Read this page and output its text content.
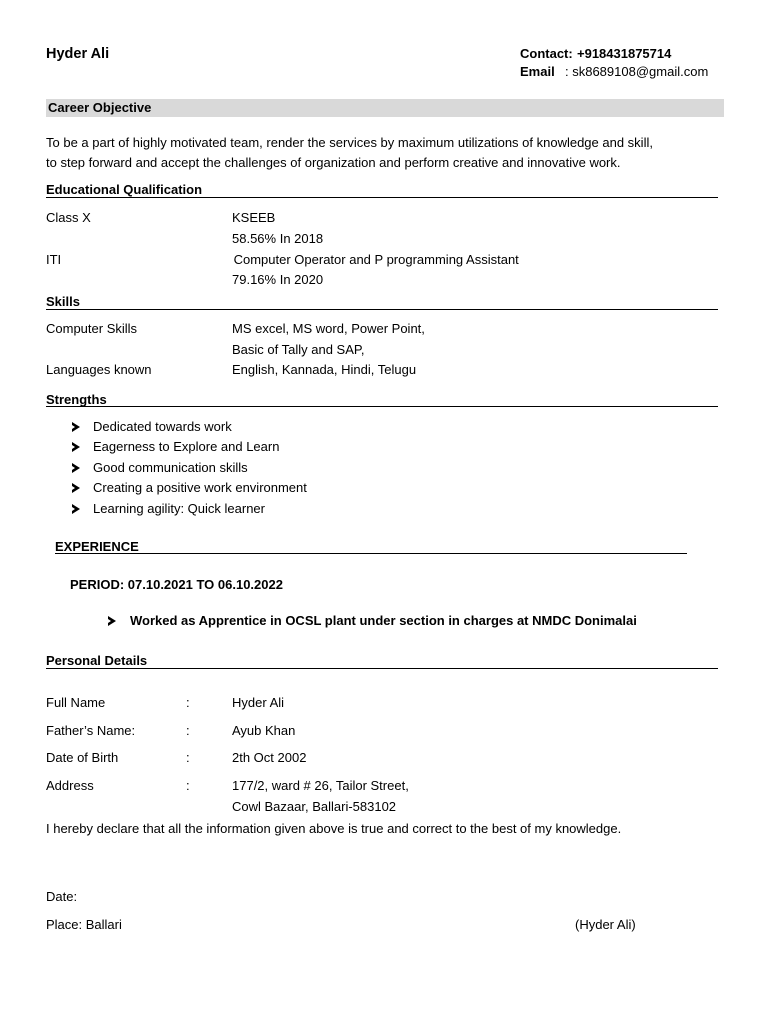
Hyder Ali	Contact: +918431875714
Email : sk8689108@gmail.com
Career Objective
To be a part of highly motivated team, render the services by maximum utilizations of knowledge and skill,
to step forward and accept the challenges of organization and perform creative and innovative work.
Educational Qualification
Class X	KSEEB
58.56% In 2018
ITI	Computer Operator and P programming Assistant
79.16% In 2020
Skills
Computer Skills	MS excel, MS word, Power Point,
Basic of Tally and SAP,
Languages known	English, Kannada, Hindi, Telugu
Strengths
Dedicated towards work
Eagerness to Explore and Learn
Good communication skills
Creating a positive work environment
Learning agility: Quick learner
EXPERIENCE
PERIOD: 07.10.2021 TO 06.10.2022
Worked as Apprentice in OCSL plant under section in charges at NMDC Donimalai
Personal Details
Full Name	:	Hyder Ali
Father’s Name:	:	Ayub Khan
Date of Birth	:	2th Oct 2002
Address	:	177/2, ward # 26, Tailor Street,
Cowl Bazaar, Ballari-583102
I hereby declare that all the information given above is true and correct to the best of my knowledge.
Date:
Place: Ballari	(Hyder Ali)
